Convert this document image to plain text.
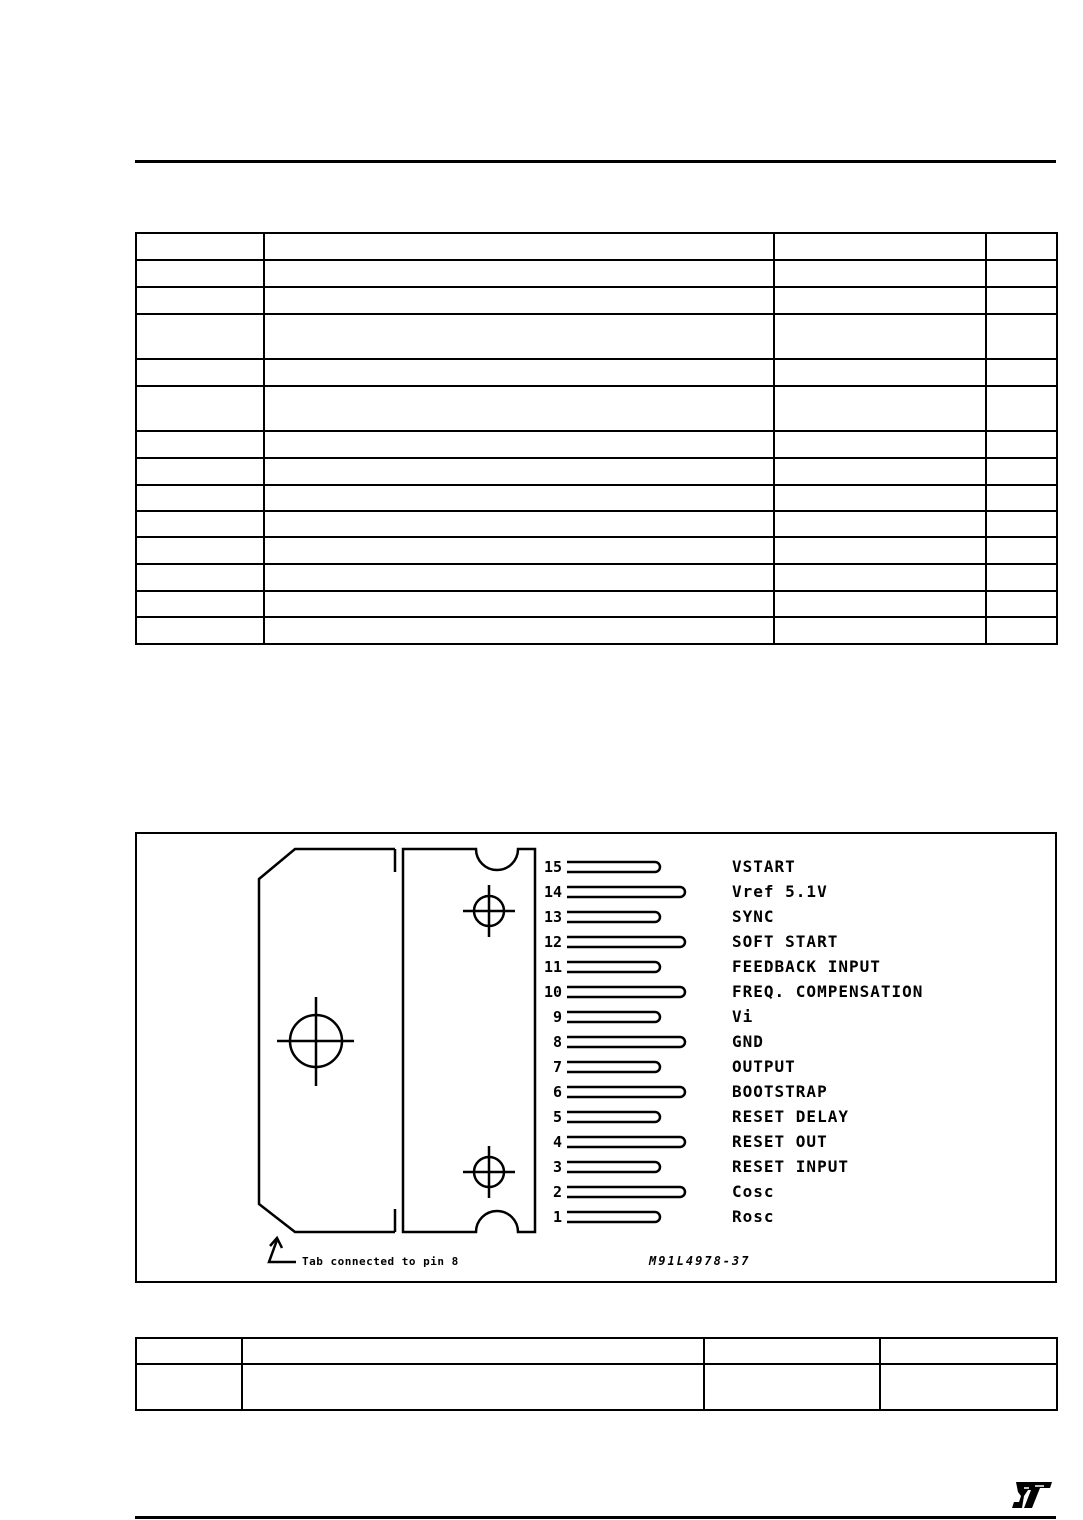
15	VSTART
14	Vref 5.1V
13	SYNC
12	SOFT START
11	FEEDBACK INPUT
10	FREQ. COMPENSATION
9	Vi
8	GND
7	OUTPUT
6	BOOTSTRAP
5	RESET DELAY
4	RESET OUT
3	RESET INPUT
2	Cosc
1	Rosc
Tab connected to pin 8	M91L4978-37
